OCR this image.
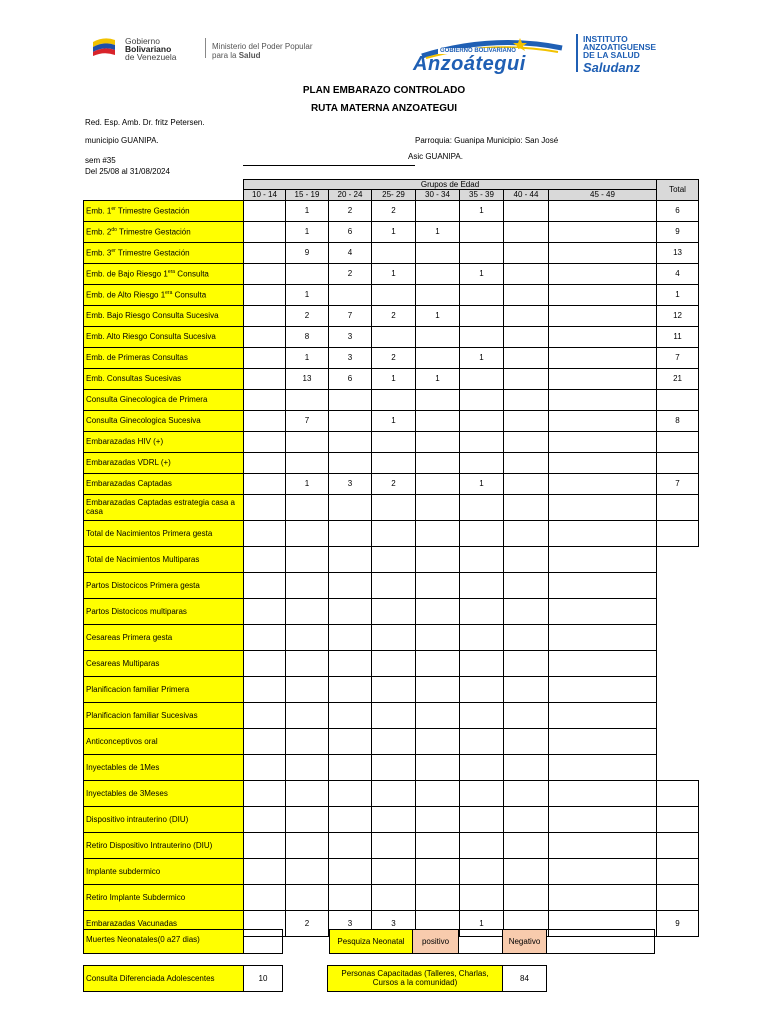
Gobierno
Bolivariano
de Venezuela
Ministerio del Poder Popular
para la Salud	GOBIERNO BOLIVARIANO
Anzoátegui
INSTITUTO
ANZOATIGUENSE
DE LA SALUD
Saludanz
PLAN EMBARAZO CONTROLADO
RUTA MATERNA ANZOATEGUI
Red. Esp. Amb. Dr. fritz Petersen.
municipio GUANIPA.	Parroquia: Guanipa Municipio: San José
Asic GUANIPA.
sem #35
Del 25/08 al 31/08/2024
	Grupos de Edad								Total
	10 - 14	15 - 19	20 - 24	25- 29	30 - 34	35 - 39	40 - 44	45 - 49	
Emb. 1er Trimestre Gestación		1	2	2		1			6
Emb. $2^{do}$ Trimestre Gestación		1	6	1	1				9
Emb. 3er Trimestre Gestación		9	4						13
Emb. de Bajo Riesgo $1^{era}$ Consulta			2	1		1			4
Emb. de Alto Riesgo $1^{era}$ Consulta		1							1
Emb. Bajo Riesgo Consulta Sucesiva		2	7	2	1				12
Emb. Alto Riesgo Consulta Sucesiva		8	3						11
Emb. de Primeras Consultas		1	3	2		1			7
Emb. Consultas Sucesivas		13	6	1	1				21
Consulta Ginecologica de Primera									
Consulta Ginecologica Sucesiva		7		1					8
Embarazadas HIV (+)									
Embarazadas VDRL (+)									
Embarazadas Captadas		1	3	2		1			7
Embarazadas Captadas estrategia casa a casa									
Total de Nacimientos Primera gesta									
Total de Nacimientos Multiparas									
Partos Distocicos Primera gesta									
Partos Distocicos multiparas									
Cesareas Primera gesta									
Cesareas Multiparas									
Planificacion familiar Primera									
Planificacion familiar Sucesivas									
Anticonceptivos oral									
Inyectables de 1Mes									
Inyectables de 3Meses									
Dispositivo intrauterino (DIU)									
Retiro Dispositivo Intrauterino (DIU)									
Implante subdermico									
Retiro Implante Subdermico									
Embarazadas Vacunadas		2	3	3		1			9
Muertes Neonatales(0 a27 dias)	Pesquiza Neonatal	positivo	Negativo
Consulta Diferenciada Adolescentes	10
Personas Capacitadas (Talleres, Charlas, Cursos a la comunidad)	84
